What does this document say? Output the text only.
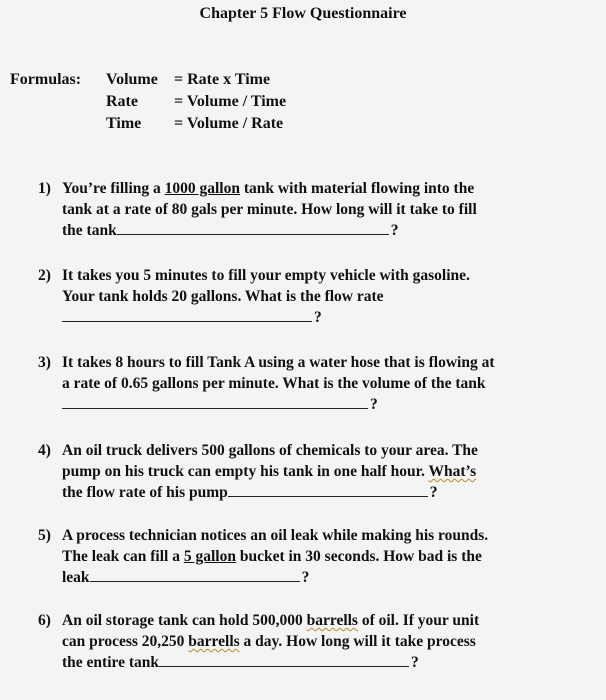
Chapter 5 Flow Questionnaire
Formulas: Volume = Rate x Time
Rate = Volume / Time
Time = Volume / Rate
1) You’re filling a 1000 gallon tank with material flowing into the
tank at a rate of 80 gals per minute. How long will it take to fill
the tank	?
2) It takes you 5 minutes to fill your empty vehicle with gasoline.
Your tank holds 20 gallons. What is the flow rate
?
3) It takes 8 hours to fill Tank A using a water hose that is flowing at
a rate of 0.65 gallons per minute. What is the volume of the tank
?
4) An oil truck delivers 500 gallons of chemicals to your area. The
pump on his truck can empty his tank in one half hour. What’s
the flow rate of his pump	?
5) A process technician notices an oil leak while making his rounds.
The leak can fill a 5 gallon bucket in 30 seconds. How bad is the
leak	?
6) An oil storage tank can hold 500,000 barrells of oil. If your unit
can process 20,250 barrells a day. How long will it take process
the entire tank	?
